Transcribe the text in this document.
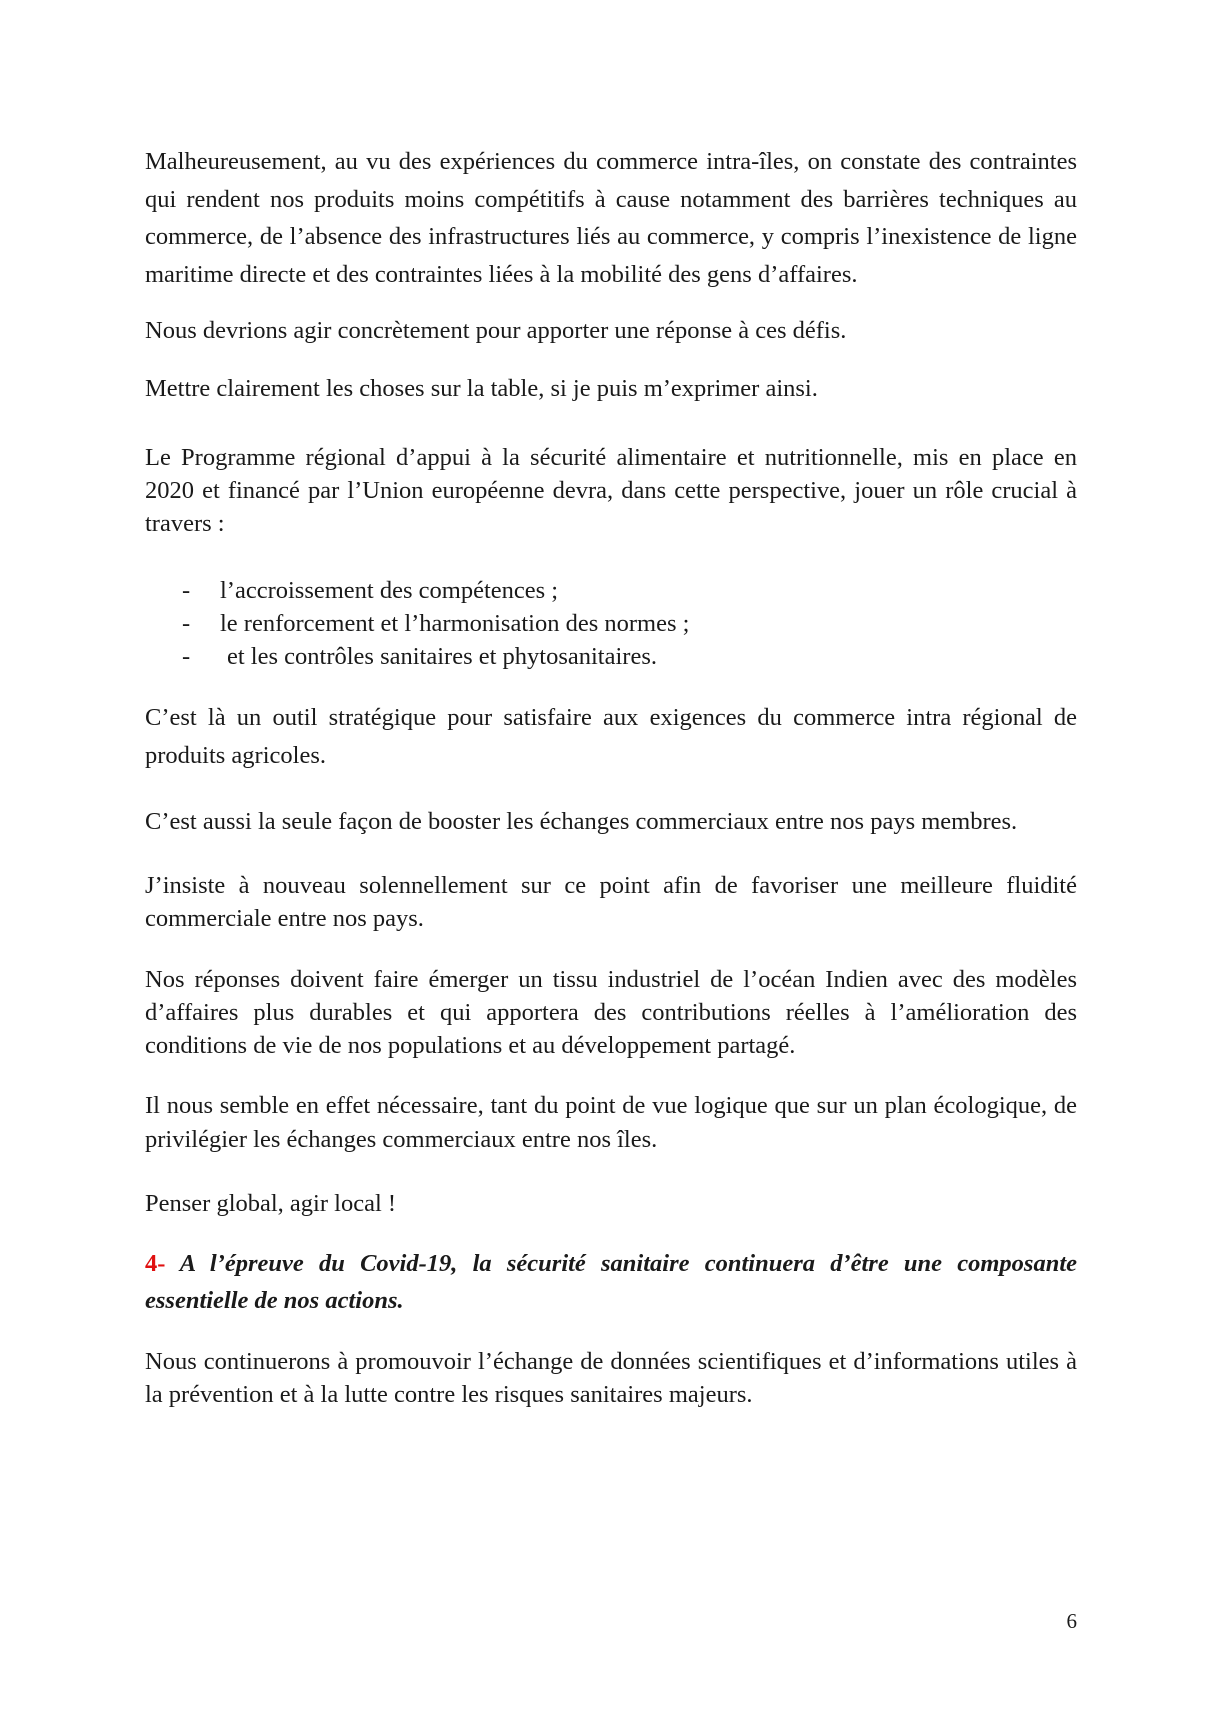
Malheureusement, au vu des expériences du commerce intra-îles, on constate des contraintes qui rendent nos produits moins compétitifs à cause notamment des barrières techniques au commerce, de l’absence des infrastructures liés au commerce, y compris l’inexistence de ligne maritime directe et des contraintes liées à la mobilité des gens d’affaires.

Nous devrions agir concrètement pour apporter une réponse à ces défis.

Mettre clairement les choses sur la table, si je puis m’exprimer ainsi.

Le Programme régional d’appui à la sécurité alimentaire et nutritionnelle, mis en place en 2020 et financé par l’Union européenne devra, dans cette perspective, jouer un rôle crucial à travers :

- l’accroissement des compétences ;
- le renforcement et l’harmonisation des normes ;
- et les contrôles sanitaires et phytosanitaires.

C’est là un outil stratégique pour satisfaire aux exigences du commerce intra régional de produits agricoles.

C’est aussi la seule façon de booster les échanges commerciaux entre nos pays membres.

J’insiste à nouveau solennellement sur ce point afin de favoriser une meilleure fluidité commerciale entre nos pays.

Nos réponses doivent faire émerger un tissu industriel de l’océan Indien avec des modèles d’affaires plus durables et qui apportera des contributions réelles à l’amélioration des conditions de vie de nos populations et au développement partagé.

Il nous semble en effet nécessaire, tant du point de vue logique que sur un plan écologique, de privilégier les échanges commerciaux entre nos îles.

Penser global, agir local !

4- A l’épreuve du Covid-19, la sécurité sanitaire continuera d’être une composante essentielle de nos actions.

Nous continuerons à promouvoir l’échange de données scientifiques et d’informations utiles à la prévention et à la lutte contre les risques sanitaires majeurs.

6
